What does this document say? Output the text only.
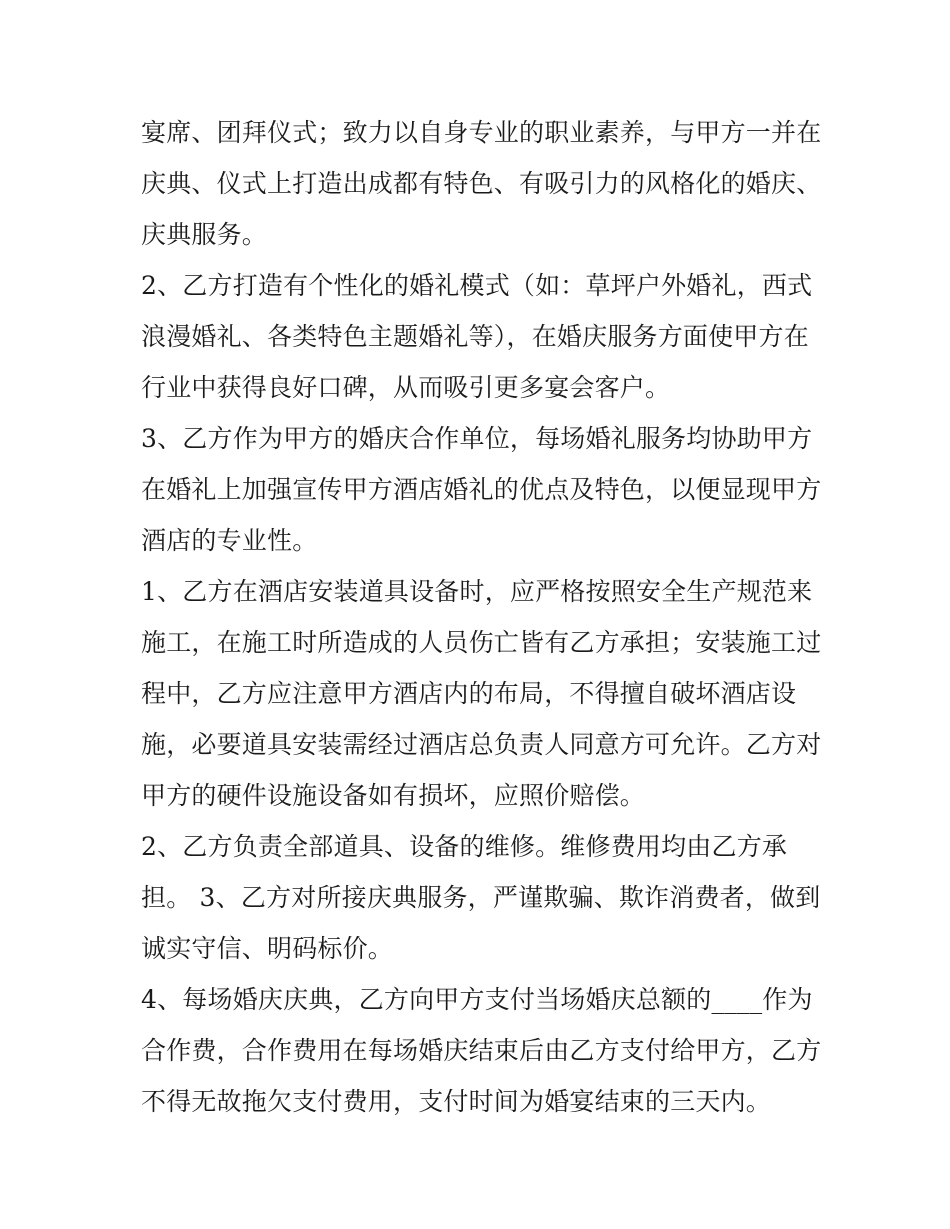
宴席、团拜仪式；致力以自身专业的职业素养，与甲方一并在
庆典、仪式上打造出成都有特色、有吸引力的风格化的婚庆、
庆典服务。
2、乙方打造有个性化的婚礼模式（如：草坪户外婚礼，西式
浪漫婚礼、各类特色主题婚礼等），在婚庆服务方面使甲方在
行业中获得良好口碑，从而吸引更多宴会客户。
3、乙方作为甲方的婚庆合作单位，每场婚礼服务均协助甲方
在婚礼上加强宣传甲方酒店婚礼的优点及特色，以便显现甲方
酒店的专业性。
1、乙方在酒店安装道具设备时，应严格按照安全生产规范来
施工，在施工时所造成的人员伤亡皆有乙方承担；安装施工过
程中，乙方应注意甲方酒店内的布局，不得擅自破坏酒店设
施，必要道具安装需经过酒店总负责人同意方可允许。乙方对
甲方的硬件设施设备如有损坏，应照价赔偿。
2、乙方负责全部道具、设备的维修。维修费用均由乙方承
担。 3、乙方对所接庆典服务，严谨欺骗、欺诈消费者，做到
诚实守信、明码标价。
4、每场婚庆庆典，乙方向甲方支付当场婚庆总额的____作为
合作费，合作费用在每场婚庆结束后由乙方支付给甲方，乙方
不得无故拖欠支付费用，支付时间为婚宴结束的三天内。
